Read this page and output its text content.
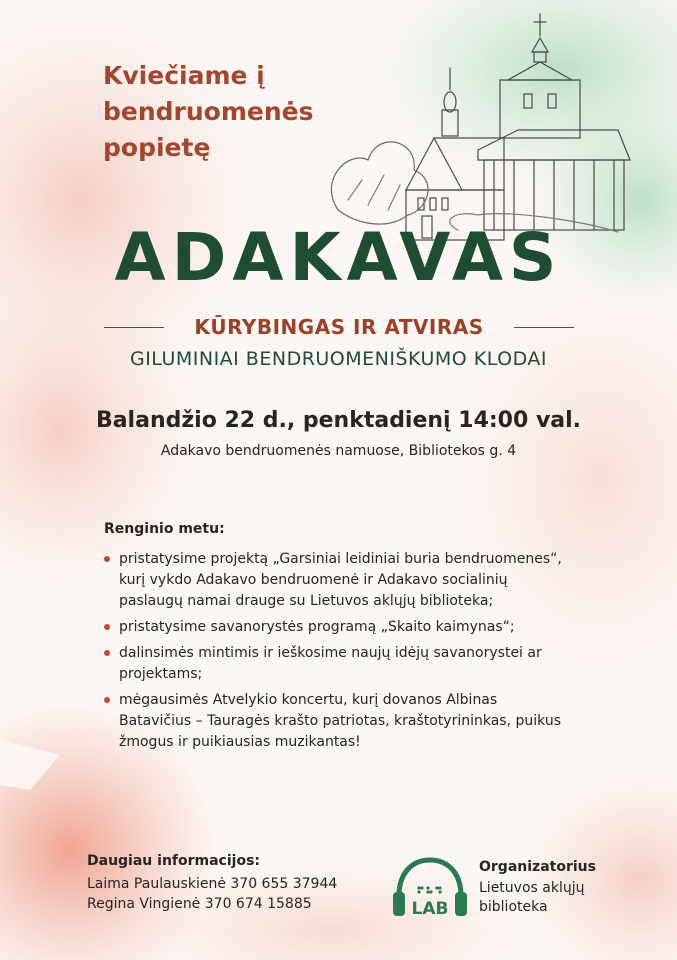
Kviečiame į
bendruomenės
popietę
ADAKAVAS
KŪRYBINGAS IR ATVIRAS
GILUMINIAI BENDRUOMENIŠKUMO KLODAI
Balandžio 22 d., penktadienį 14:00 val.
Adakavo bendruomenės namuose, Bibliotekos g. 4
Renginio metu:
pristatysime projektą „Garsiniai leidiniai buria bendruomenes“,
kurį vykdo Adakavo bendruomenė ir Adakavo socialinių
paslaugų namai drauge su Lietuvos aklųjų biblioteka;
pristatysime savanorystės programą „Skaito kaimynas“;
dalinsimės mintimis ir ieškosime naujų idėjų savanorystei ar
projektams;
mėgausimės Atvelykio koncertu, kurį dovanos Albinas
Batavičius – Tauragės krašto patriotas, kraštotyrininkas, puikus
žmogus ir puikiausias muzikantas!
Daugiau informacijos:
Laima Paulauskienė 370 655 37944
Regina Vingienė 370 674 15885	LAB
Organizatorius
Lietuvos aklųjų
biblioteka
